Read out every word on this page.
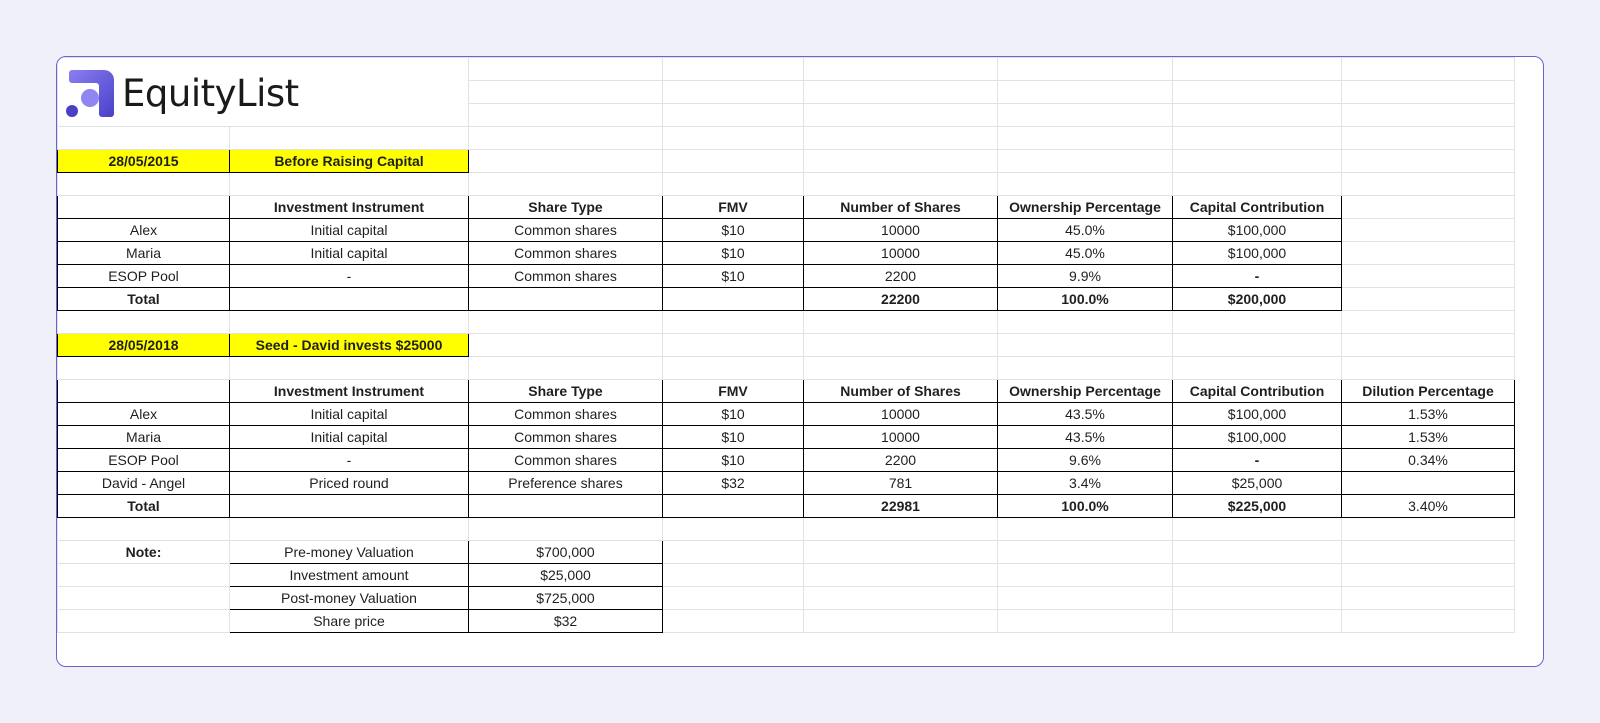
EquityList							

28/05/2015	Before Raising Capital						

	Investment Instrument	Share Type	FMV	Number of Shares	Ownership Percentage	Capital Contribution	
Alex	Initial capital	Common shares	$10	10000	45.0%	$100,000	
Maria	Initial capital	Common shares	$10	10000	45.0%	$100,000	
ESOP Pool	-	Common shares	$10	2200	9.9%	-	
Total				22200	100.0%	$200,000	

28/05/2018	Seed - David invests $25000						

	Investment Instrument	Share Type	FMV	Number of Shares	Ownership Percentage	Capital Contribution	Dilution Percentage
Alex	Initial capital	Common shares	$10	10000	43.5%	$100,000	1.53%
Maria	Initial capital	Common shares	$10	10000	43.5%	$100,000	1.53%
ESOP Pool	-	Common shares	$10	2200	9.6%	-	0.34%
David - Angel	Priced round	Preference shares	$32	781	3.4%	$25,000	
Total				22981	100.0%	$225,000	3.40%

Note:	Pre-money Valuation	$700,000					
	Investment amount	$25,000					
	Post-money Valuation	$725,000					
	Share price	$32					
